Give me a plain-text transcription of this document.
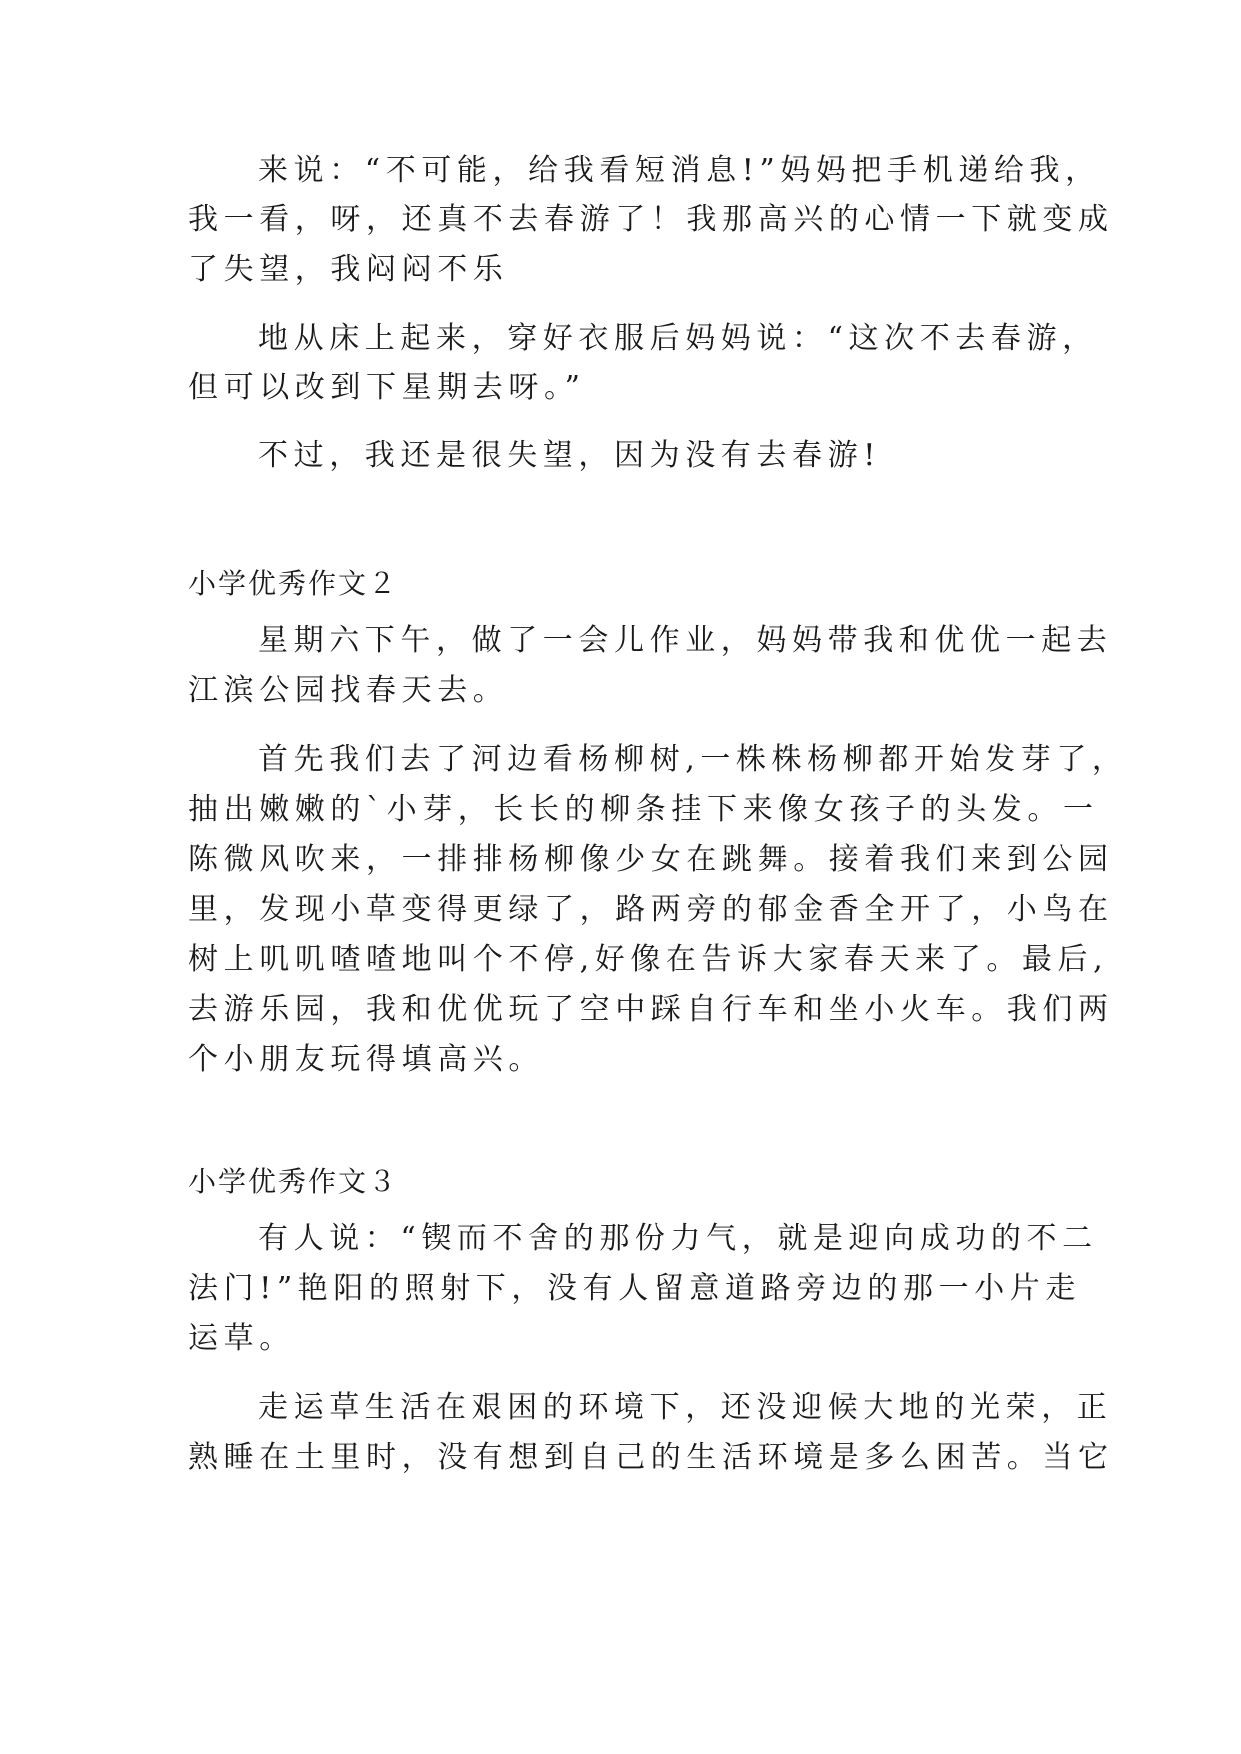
来说：“不可能，给我看短消息!”妈妈把手机递给我，
我一看，呀，还真不去春游了！我那高兴的心情一下就变成
了失望，我闷闷不乐
地从床上起来，穿好衣服后妈妈说：“这次不去春游，
但可以改到下星期去呀。”
不过，我还是很失望，因为没有去春游!
小学优秀作文２
星期六下午，做了一会儿作业，妈妈带我和优优一起去
江滨公园找春天去。
首先我们去了河边看杨柳树,一株株杨柳都开始发芽了，
抽出嫩嫩的`小芽，长长的柳条挂下来像女孩子的头发。一
陈微风吹来，一排排杨柳像少女在跳舞。接着我们来到公园
里，发现小草变得更绿了，路两旁的郁金香全开了，小鸟在
树上叽叽喳喳地叫个不停,好像在告诉大家春天来了。最后,
去游乐园，我和优优玩了空中踩自行车和坐小火车。我们两
个小朋友玩得填高兴。
小学优秀作文３
有人说：“锲而不舍的那份力气，就是迎向成功的不二
法门!”艳阳的照射下，没有人留意道路旁边的那一小片走
运草。
走运草生活在艰困的环境下，还没迎候大地的光荣，正
熟睡在土里时，没有想到自己的生活环境是多么困苦。当它
